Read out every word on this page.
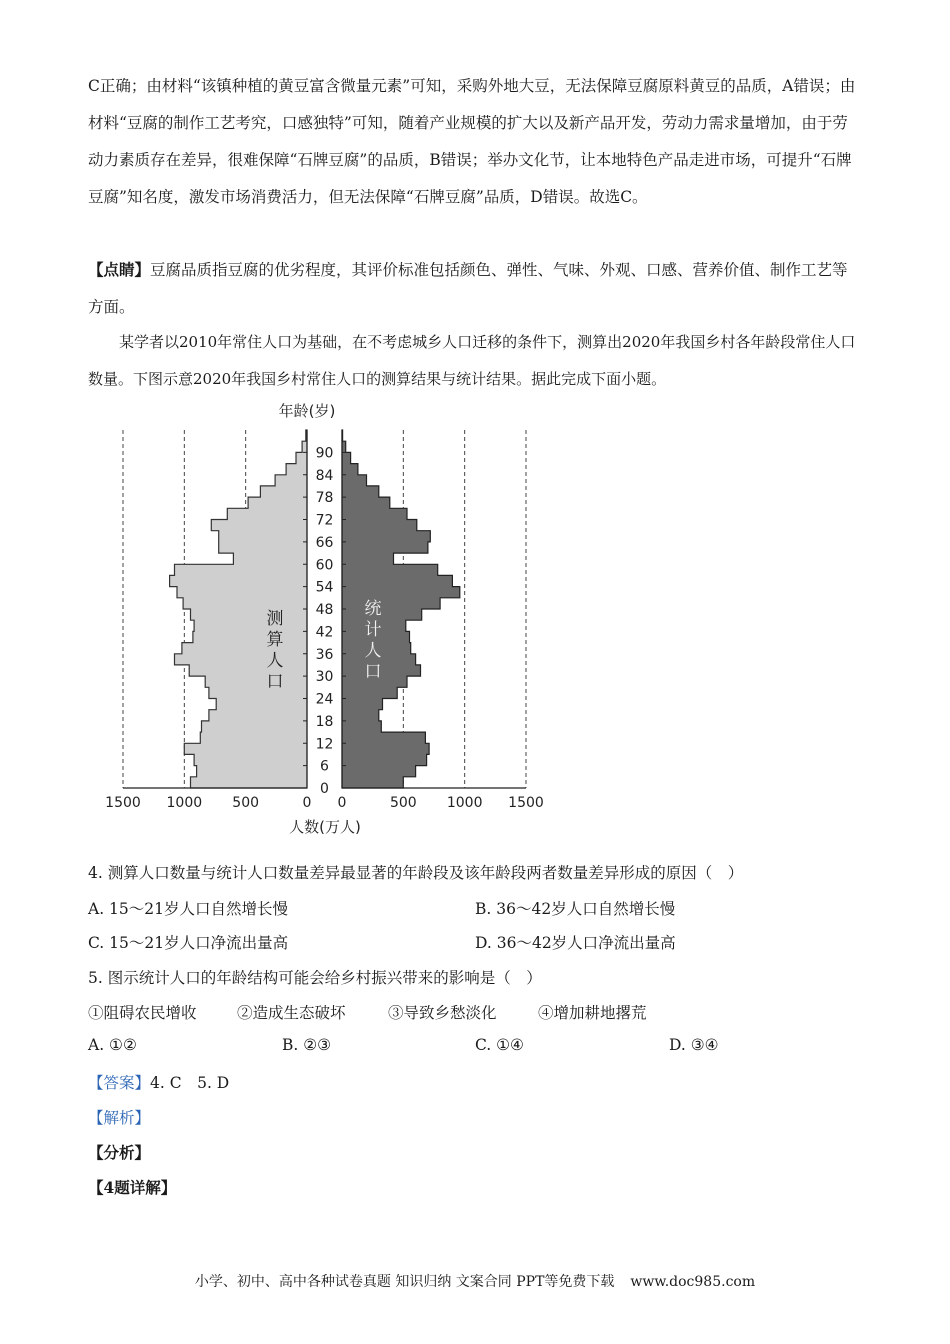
C正确；由材料“该镇种植的黄豆富含微量元素”可知，采购外地大豆，无法保障豆腐原料黄豆的品质，A错误；由材料“豆腐的制作工艺考究，口感独特”可知，随着产业规模的扩大以及新产品开发，劳动力需求量增加，由于劳动力素质存在差异，很难保障“石牌豆腐”的品质，B错误；举办文化节，让本地特色产品走进市场，可提升“石牌豆腐”知名度，激发市场消费活力，但无法保障“石牌豆腐”品质，D错误。故选C。

【点睛】豆腐品质指豆腐的优劣程度，其评价标准包括颜色、弹性、气味、外观、口感、营养价值、制作工艺等方面。

某学者以2010年常住人口为基础，在不考虑城乡人口迁移的条件下，测算出2020年我国乡村各年龄段常住人口数量。下图示意2020年我国乡村常住人口的测算结果与统计结果。据此完成下面小题。

0
6
12
18
24
30
36
42
48
54
60
66
72
78
84
90
1500 1000 500	0 0	500 1000 1500
测
算
人
口
统
计
人
口
年龄(岁)
人数(万人)
4. 测算人口数量与统计人口数量差异最显著的年龄段及该年龄段两者数量差异形成的原因（　）
A. 15～21岁人口自然增长慢	B. 36～42岁人口自然增长慢
C. 15～21岁人口净流出量高	D. 36～42岁人口净流出量高
5. 图示统计人口的年龄结构可能会给乡村振兴带来的影响是（　）
①阻碍农民增收	②造成生态破坏	③导致乡愁淡化	④增加耕地撂荒
A. ①②	B. ②③	C. ①④	D. ③④
【答案】4. C　5. D
【解析】
【分析】
【4题详解】
小学、初中、高中各种试卷真题 知识归纳 文案合同 PPT等免费下载 www.doc985.com
